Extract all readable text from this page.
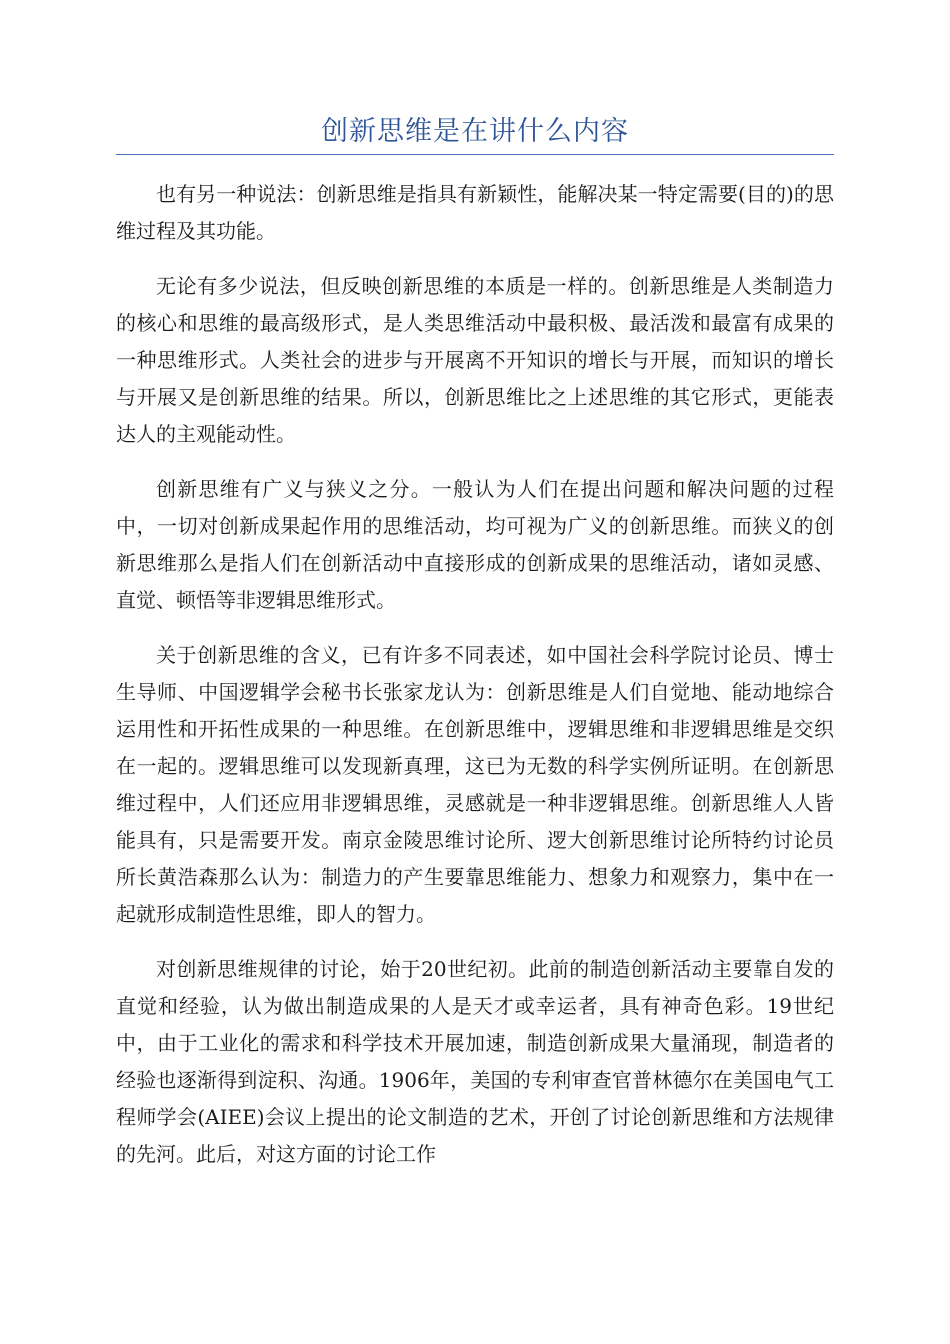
创新思维是在讲什么内容

也有另一种说法：创新思维是指具有新颖性，能解决某一特定需要(目的)的思维过程及其功能。

无论有多少说法，但反映创新思维的本质是一样的。创新思维是人类制造力的核心和思维的最高级形式，是人类思维活动中最积极、最活泼和最富有成果的一种思维形式。人类社会的进步与开展离不开知识的增长与开展，而知识的增长与开展又是创新思维的结果。所以，创新思维比之上述思维的其它形式，更能表达人的主观能动性。

创新思维有广义与狭义之分。一般认为人们在提出问题和解决问题的过程中，一切对创新成果起作用的思维活动，均可视为广义的创新思维。而狭义的创新思维那么是指人们在创新活动中直接形成的创新成果的思维活动，诸如灵感、直觉、顿悟等非逻辑思维形式。

关于创新思维的含义，已有许多不同表述，如中国社会科学院讨论员、博士生导师、中国逻辑学会秘书长张家龙认为：创新思维是人们自觉地、能动地综合运用性和开拓性成果的一种思维。在创新思维中，逻辑思维和非逻辑思维是交织在一起的。逻辑思维可以发现新真理，这已为无数的科学实例所证明。在创新思维过程中，人们还应用非逻辑思维，灵感就是一种非逻辑思维。创新思维人人皆能具有，只是需要开发。南京金陵思维讨论所、逻大创新思维讨论所特约讨论员所长黄浩森那么认为：制造力的产生要靠思维能力、想象力和观察力，集中在一起就形成制造性思维，即人的智力。

对创新思维规律的讨论，始于20世纪初。此前的制造创新活动主要靠自发的直觉和经验，认为做出制造成果的人是天才或幸运者，具有神奇色彩。19世纪中，由于工业化的需求和科学技术开展加速，制造创新成果大量涌现，制造者的经验也逐渐得到淀积、沟通。1906年，美国的专利审查官普林德尔在美国电气工程师学会(AIEE)会议上提出的论文制造的艺术，开创了讨论创新思维和方法规律的先河。此后，对这方面的讨论工作
